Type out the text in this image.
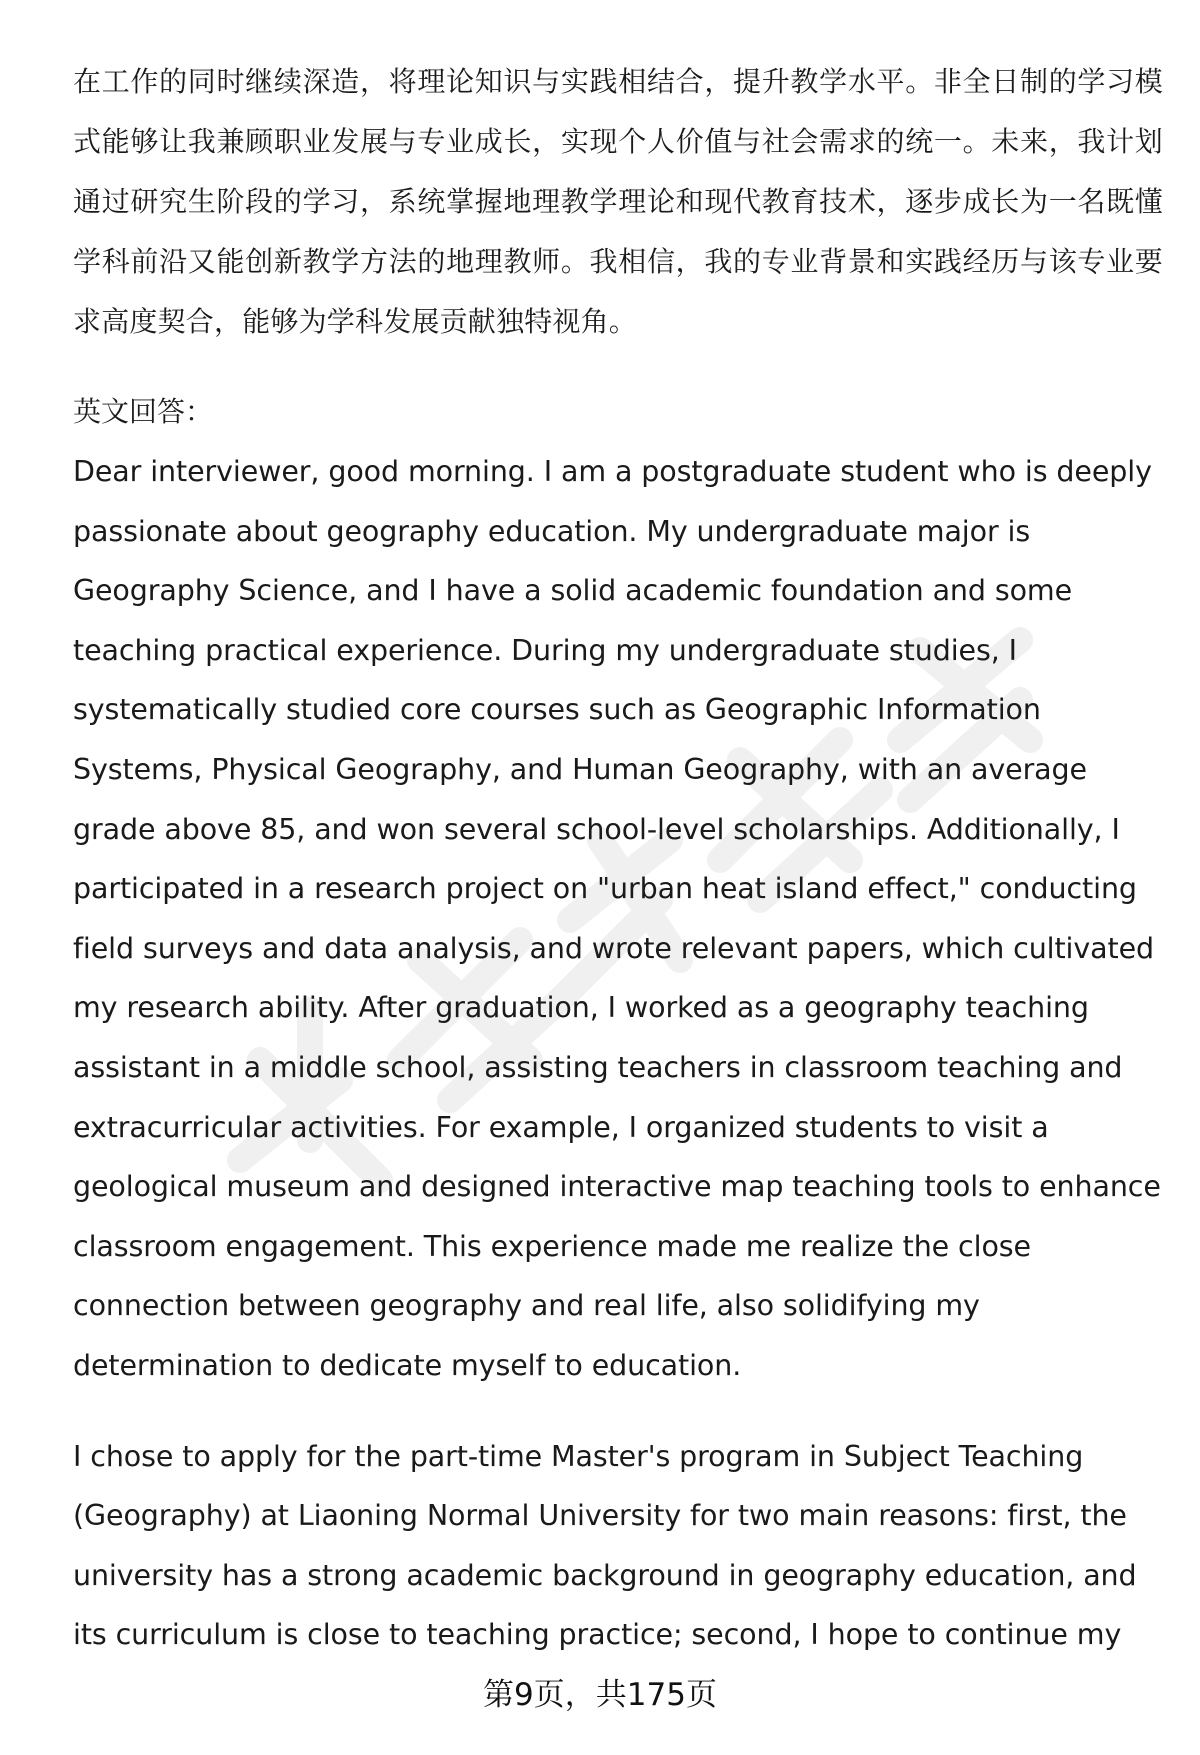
在工作的同时继续深造，将理论知识与实践相结合，提升教学水平。非全日制的学习模式能够让我兼顾职业发展与专业成长，实现个人价值与社会需求的统一。未来，我计划通过研究生阶段的学习，系统掌握地理教学理论和现代教育技术，逐步成长为一名既懂学科前沿又能创新教学方法的地理教师。我相信，我的专业背景和实践经历与该专业要求高度契合，能够为学科发展贡献独特视角。

英文回答：

Dear interviewer, good morning. I am a postgraduate student who is deeply passionate about geography education. My undergraduate major is Geography Science, and I have a solid academic foundation and some teaching practical experience. During my undergraduate studies, I systematically studied core courses such as Geographic Information Systems, Physical Geography, and Human Geography, with an average grade above 85, and won several school-level scholarships. Additionally, I participated in a research project on "urban heat island effect," conducting field surveys and data analysis, and wrote relevant papers, which cultivated my research ability. After graduation, I worked as a geography teaching assistant in a middle school, assisting teachers in classroom teaching and extracurricular activities. For example, I organized students to visit a geological museum and designed interactive map teaching tools to enhance classroom engagement. This experience made me realize the close connection between geography and real life, also solidifying my determination to dedicate myself to education.

I chose to apply for the part-time Master's program in Subject Teaching (Geography) at Liaoning Normal University for two main reasons: first, the university has a strong academic background in geography education, and its curriculum is close to teaching practice; second, I hope to continue my

第9页，共175页
